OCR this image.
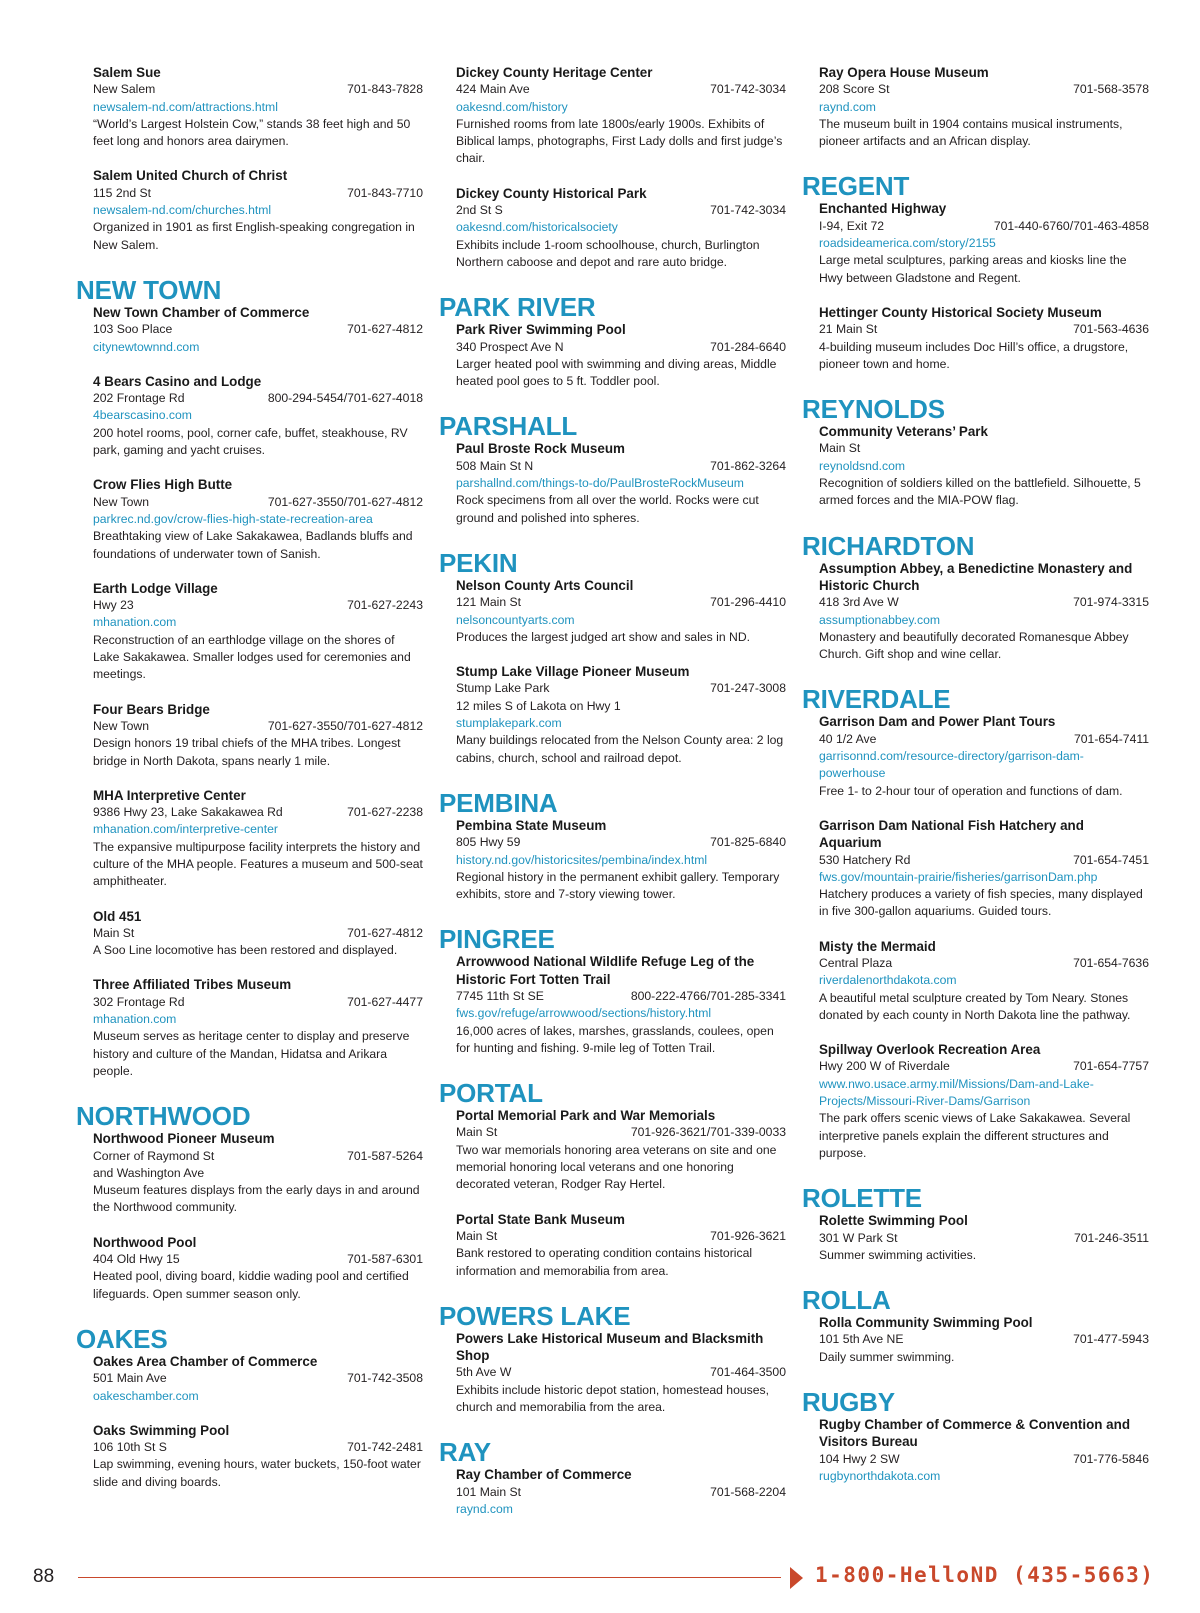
Salem Sue
New Salem	701-843-7828
newsalem-nd.com/attractions.html
“World’s Largest Holstein Cow,” stands 38 feet high and 50 feet long and honors area dairymen.
Salem United Church of Christ
115 2nd St	701-843-7710
newsalem-nd.com/churches.html
Organized in 1901 as first English-speaking congregation in New Salem.
NEW TOWN
New Town Chamber of Commerce
103 Soo Place	701-627-4812
citynewtownnd.com
4 Bears Casino and Lodge
202 Frontage Rd	800-294-5454/701-627-4018
4bearscasino.com
200 hotel rooms, pool, corner cafe, buffet, steakhouse, RV park, gaming and yacht cruises.
Crow Flies High Butte
New Town	701-627-3550/701-627-4812
parkrec.nd.gov/crow-flies-high-state-recreation-area
Breathtaking view of Lake Sakakawea, Badlands bluffs and foundations of underwater town of Sanish.
Earth Lodge Village
Hwy 23	701-627-2243
mhanation.com
Reconstruction of an earthlodge village on the shores of Lake Sakakawea. Smaller lodges used for ceremonies and meetings.
Four Bears Bridge
New Town	701-627-3550/701-627-4812
Design honors 19 tribal chiefs of the MHA tribes. Longest bridge in North Dakota, spans nearly 1 mile.
MHA Interpretive Center
9386 Hwy 23, Lake Sakakawea Rd	701-627-2238
mhanation.com/interpretive-center
The expansive multipurpose facility interprets the history and culture of the MHA people. Features a museum and 500-seat amphitheater.
Old 451
Main St	701-627-4812
A Soo Line locomotive has been restored and displayed.
Three Affiliated Tribes Museum
302 Frontage Rd	701-627-4477
mhanation.com
Museum serves as heritage center to display and preserve history and culture of the Mandan, Hidatsa and Arikara people.
NORTHWOOD
Northwood Pioneer Museum
Corner of Raymond St	701-587-5264
and Washington Ave
Museum features displays from the early days in and around the Northwood community.
Northwood Pool
404 Old Hwy 15	701-587-6301
Heated pool, diving board, kiddie wading pool and certified lifeguards. Open summer season only.
OAKES
Oakes Area Chamber of Commerce
501 Main Ave	701-742-3508
oakeschamber.com
Oaks Swimming Pool
106 10th St S	701-742-2481
Lap swimming, evening hours, water buckets, 150-foot water slide and diving boards.
Dickey County Heritage Center
424 Main Ave	701-742-3034
oakesnd.com/history
Furnished rooms from late 1800s/early 1900s. Exhibits of Biblical lamps, photographs, First Lady dolls and first judge’s chair.
Dickey County Historical Park
2nd St S	701-742-3034
oakesnd.com/historicalsociety
Exhibits include 1-room schoolhouse, church, Burlington Northern caboose and depot and rare auto bridge.
PARK RIVER
Park River Swimming Pool
340 Prospect Ave N	701-284-6640
Larger heated pool with swimming and diving areas, Middle heated pool goes to 5 ft. Toddler pool.
PARSHALL
Paul Broste Rock Museum
508 Main St N	701-862-3264
parshallnd.com/things-to-do/PaulBrosteRockMuseum
Rock specimens from all over the world. Rocks were cut ground and polished into spheres.
PEKIN
Nelson County Arts Council
121 Main St	701-296-4410
nelsoncountyarts.com
Produces the largest judged art show and sales in ND.
Stump Lake Village Pioneer Museum
Stump Lake Park	701-247-3008
12 miles S of Lakota on Hwy 1
stumplakepark.com
Many buildings relocated from the Nelson County area: 2 log cabins, church, school and railroad depot.
PEMBINA
Pembina State Museum
805 Hwy 59	701-825-6840
history.nd.gov/historicsites/pembina/index.html
Regional history in the permanent exhibit gallery. Temporary exhibits, store and 7-story viewing tower.
PINGREE
Arrowwood National Wildlife Refuge Leg of the Historic Fort Totten Trail
7745 11th St SE	800-222-4766/701-285-3341
fws.gov/refuge/arrowwood/sections/history.html
16,000 acres of lakes, marshes, grasslands, coulees, open for hunting and fishing. 9-mile leg of Totten Trail.
PORTAL
Portal Memorial Park and War Memorials
Main St	701-926-3621/701-339-0033
Two war memorials honoring area veterans on site and one memorial honoring local veterans and one honoring decorated veteran, Rodger Ray Hertel.
Portal State Bank Museum
Main St	701-926-3621
Bank restored to operating condition contains historical information and memorabilia from area.
POWERS LAKE
Powers Lake Historical Museum and Blacksmith Shop
5th Ave W	701-464-3500
Exhibits include historic depot station, homestead houses, church and memorabilia from the area.
RAY
Ray Chamber of Commerce
101 Main St	701-568-2204
raynd.com
Ray Opera House Museum
208 Score St	701-568-3578
raynd.com
The museum built in 1904 contains musical instruments, pioneer artifacts and an African display.
REGENT
Enchanted Highway
I-94, Exit 72	701-440-6760/701-463-4858
roadsideamerica.com/story/2155
Large metal sculptures, parking areas and kiosks line the Hwy between Gladstone and Regent.
Hettinger County Historical Society Museum
21 Main St	701-563-4636
4-building museum includes Doc Hill’s office, a drugstore, pioneer town and home.
REYNOLDS
Community Veterans’ Park
Main St
reynoldsnd.com
Recognition of soldiers killed on the battlefield. Silhouette, 5 armed forces and the MIA-POW flag.
RICHARDTON
Assumption Abbey, a Benedictine Monastery and Historic Church
418 3rd Ave W	701-974-3315
assumptionabbey.com
Monastery and beautifully decorated Romanesque Abbey Church. Gift shop and wine cellar.
RIVERDALE
Garrison Dam and Power Plant Tours
40 1/2 Ave	701-654-7411
garrisonnd.com/resource-directory/garrison-dam-powerhouse
Free 1- to 2-hour tour of operation and functions of dam.
Garrison Dam National Fish Hatchery and Aquarium
530 Hatchery Rd	701-654-7451
fws.gov/mountain-prairie/fisheries/garrisonDam.php
Hatchery produces a variety of fish species, many displayed in five 300-gallon aquariums. Guided tours.
Misty the Mermaid
Central Plaza	701-654-7636
riverdalenorthdakota.com
A beautiful metal sculpture created by Tom Neary. Stones donated by each county in North Dakota line the pathway.
Spillway Overlook Recreation Area
Hwy 200 W of Riverdale	701-654-7757
www.nwo.usace.army.mil/Missions/Dam-and-Lake-Projects/Missouri-River-Dams/Garrison
The park offers scenic views of Lake Sakakawea. Several interpretive panels explain the different structures and purpose.
ROLETTE
Rolette Swimming Pool
301 W Park St	701-246-3511
Summer swimming activities.
ROLLA
Rolla Community Swimming Pool
101 5th Ave NE	701-477-5943
Daily summer swimming.
RUGBY
Rugby Chamber of Commerce & Convention and Visitors Bureau
104 Hwy 2 SW	701-776-5846
rugbynorthdakota.com
88	1-800-HelloND (435-5663)
